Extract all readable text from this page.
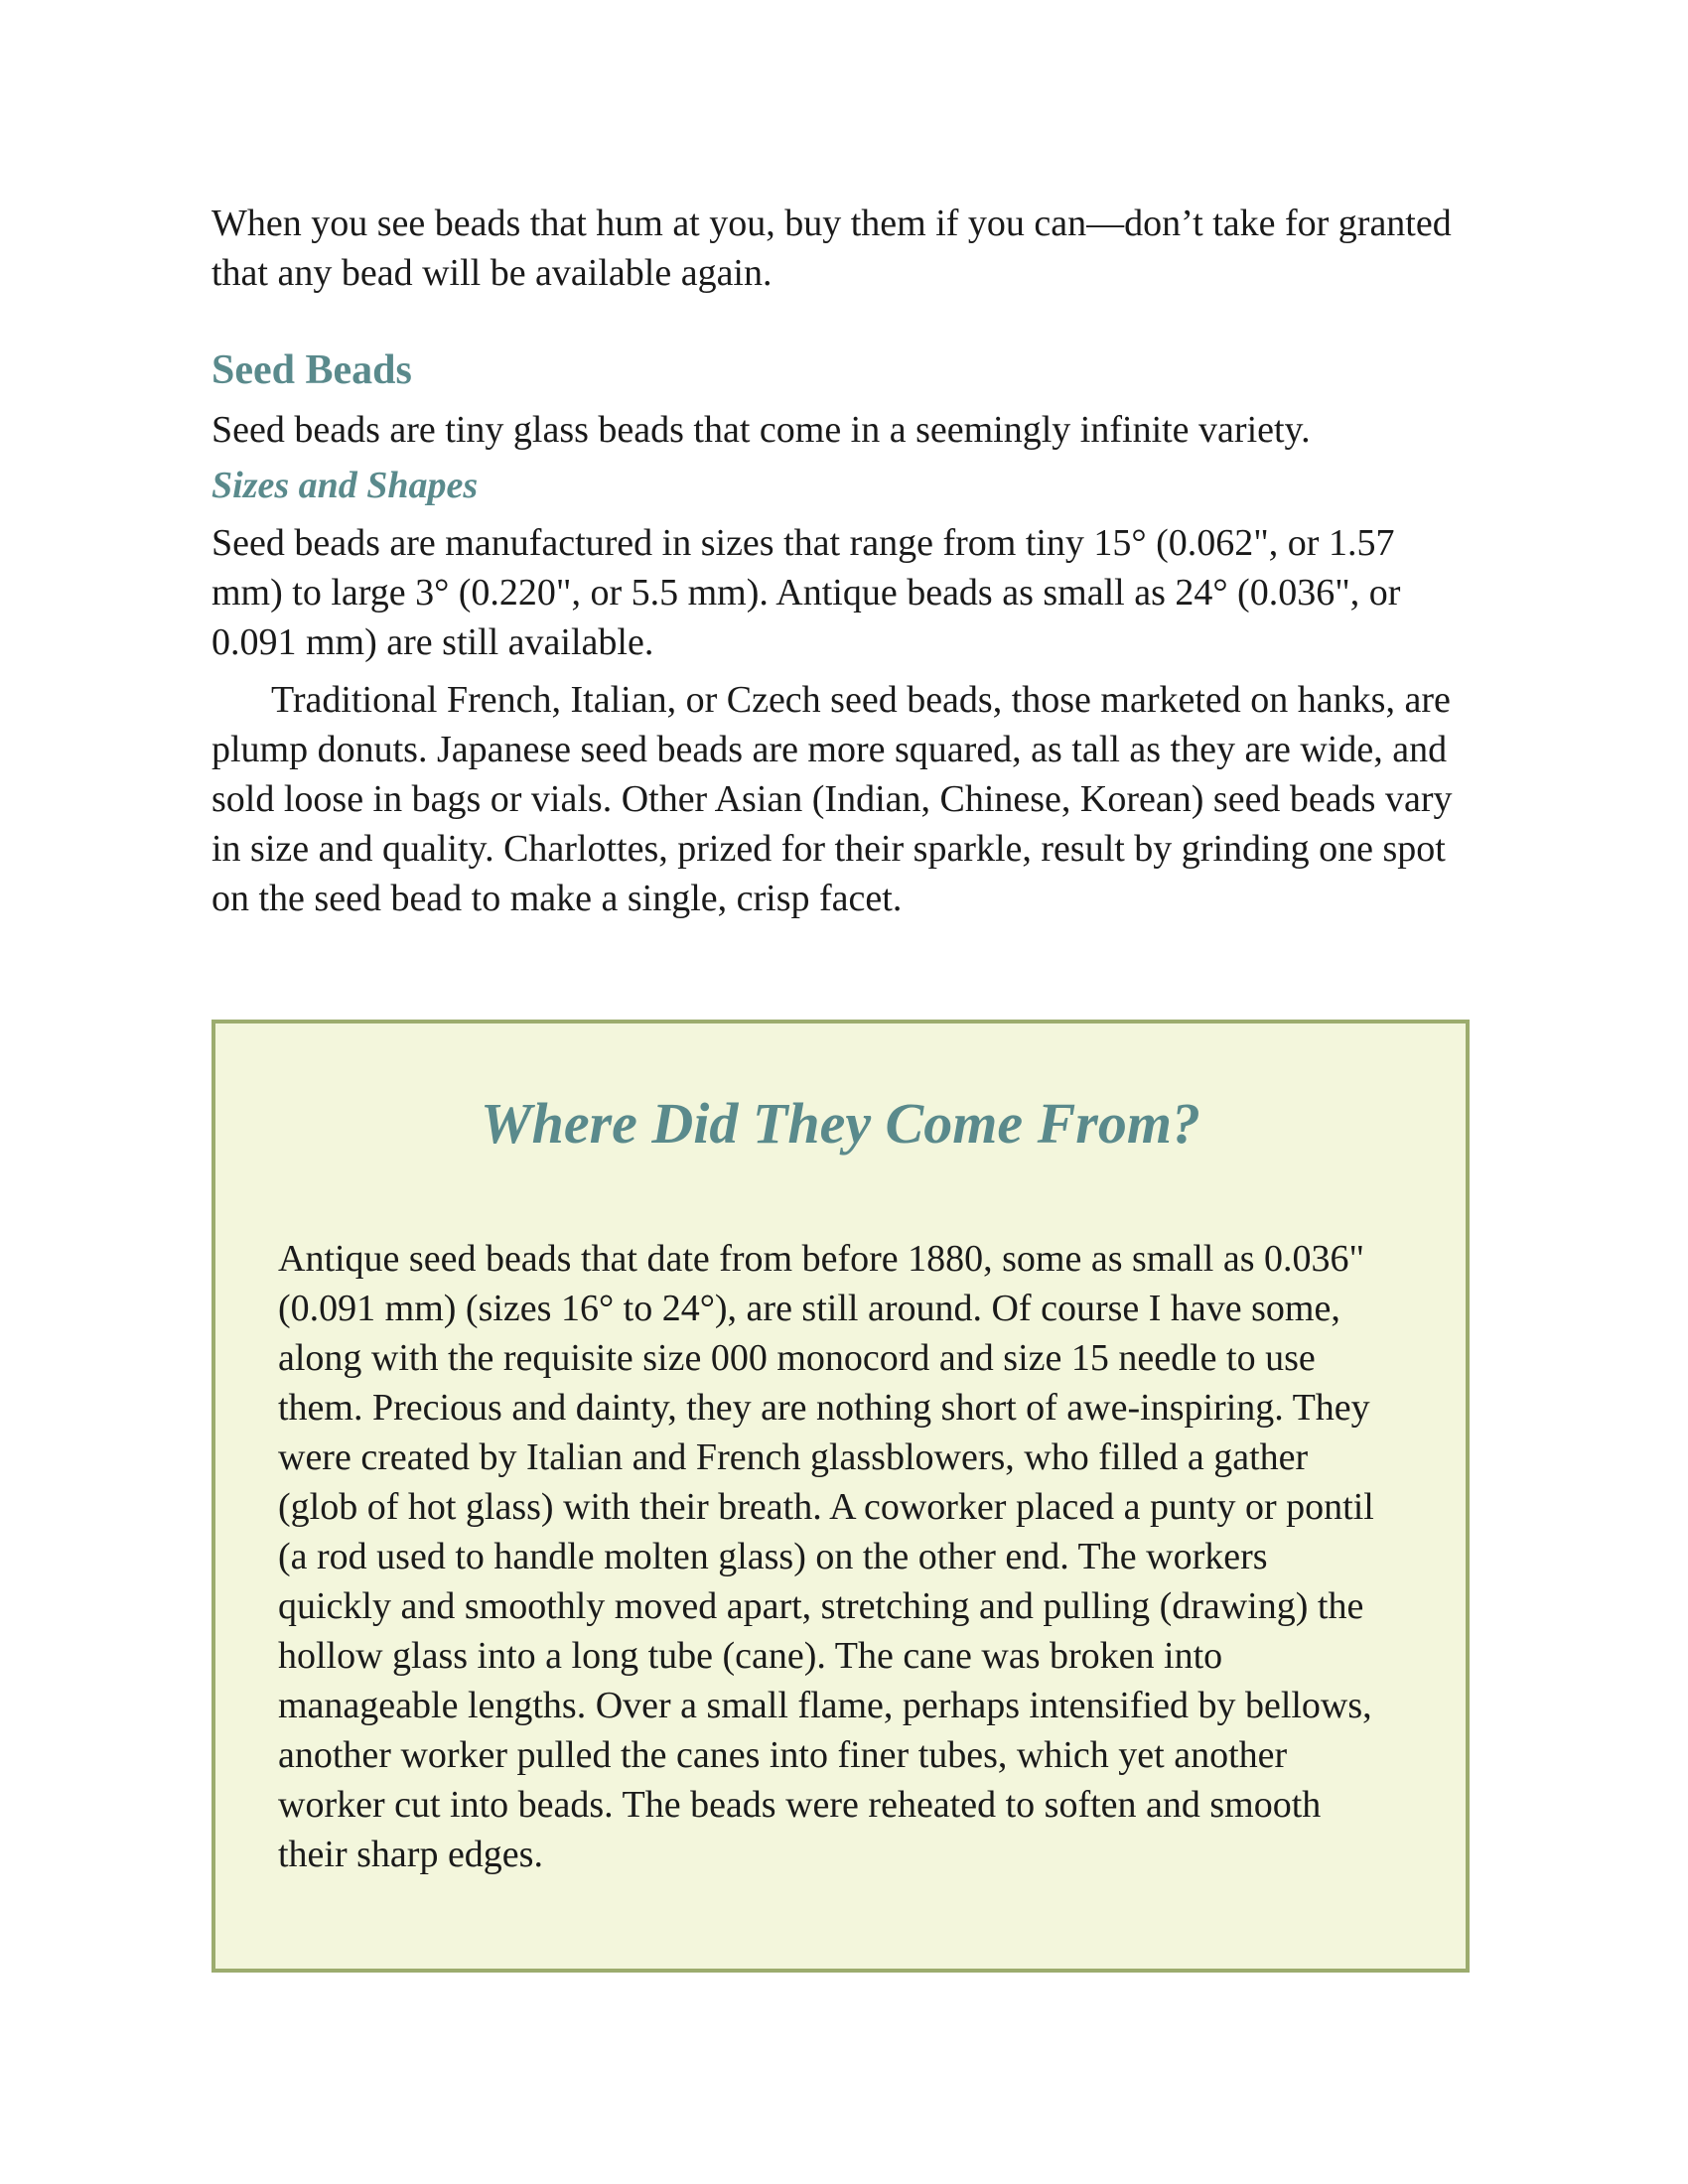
When you see beads that hum at you, buy them if you can—don’t take for granted that any bead will be available again.

Seed Beads

Seed beads are tiny glass beads that come in a seemingly infinite variety.

Sizes and Shapes

Seed beads are manufactured in sizes that range from tiny 15° (0.062", or 1.57 mm) to large 3° (0.220", or 5.5 mm). Antique beads as small as 24° (0.036", or 0.091 mm) are still available.

Traditional French, Italian, or Czech seed beads, those marketed on hanks, are plump donuts. Japanese seed beads are more squared, as tall as they are wide, and sold loose in bags or vials. Other Asian (Indian, Chinese, Korean) seed beads vary in size and quality. Charlottes, prized for their sparkle, result by grinding one spot on the seed bead to make a single, crisp facet.

Where Did They Come From?

Antique seed beads that date from before 1880, some as small as 0.036" (0.091 mm) (sizes 16° to 24°), are still around. Of course I have some, along with the requisite size 000 monocord and size 15 needle to use them. Precious and dainty, they are nothing short of awe-inspiring. They were created by Italian and French glassblowers, who filled a gather (glob of hot glass) with their breath. A coworker placed a punty or pontil (a rod used to handle molten glass) on the other end. The workers quickly and smoothly moved apart, stretching and pulling (drawing) the hollow glass into a long tube (cane). The cane was broken into manageable lengths. Over a small flame, perhaps intensified by bellows, another worker pulled the canes into finer tubes, which yet another worker cut into beads. The beads were reheated to soften and smooth their sharp edges.
